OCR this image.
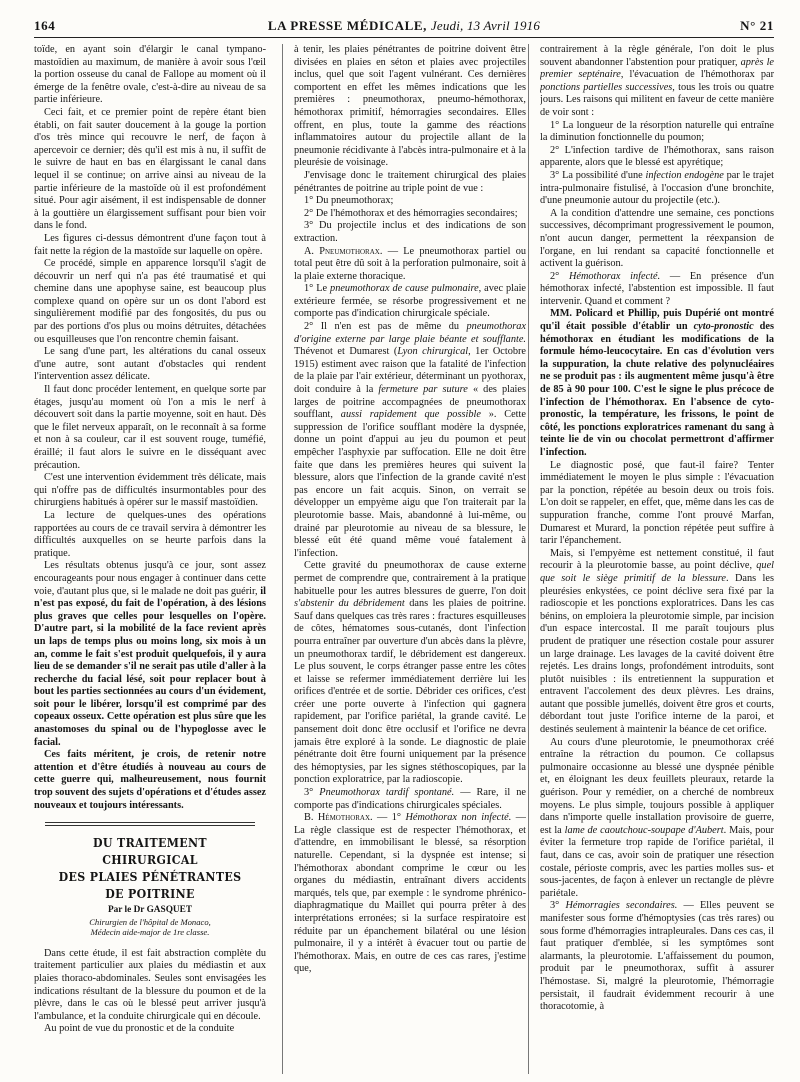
164	LA PRESSE MÉDICALE, Jeudi, 13 Avril 1916	N° 21

toïde, en ayant soin d'élargir le canal tympano-mastoïdien au maximum, de manière à avoir sous l'œil la portion osseuse du canal de Fallope au moment où il émerge de la fenêtre ovale, c'est-à-dire au niveau de sa partie inférieure.

Ceci fait, et ce premier point de repère étant bien établi, on fait sauter doucement à la gouge la portion d'os très mince qui recouvre le nerf, de façon à apercevoir ce dernier; dès qu'il est mis à nu, il suffit de le suivre de haut en bas en élargissant le canal dans lequel il se continue; on arrive ainsi au niveau de la partie inférieure de la mastoïde où il est profondément situé. Pour agir aisément, il est indispensable de donner à la gouttière un élargissement suffisant pour bien voir dans le fond.

Les figures ci-dessus démontrent d'une façon tout à fait nette la région de la mastoïde sur laquelle on opère.

Ce procédé, simple en apparence lorsqu'il s'agit de découvrir un nerf qui n'a pas été traumatisé et qui chemine dans une apophyse saine, est beaucoup plus complexe quand on opère sur un os dont l'abord est singulièrement modifié par des fongosités, du pus ou par des portions d'os plus ou moins détruites, détachées ou esquilleuses que l'on rencontre chemin faisant.

Le sang d'une part, les altérations du canal osseux d'une autre, sont autant d'obstacles qui rendent l'intervention assez délicate.

Il faut donc procéder lentement, en quelque sorte par étages, jusqu'au moment où l'on a mis le nerf à découvert soit dans la partie moyenne, soit en haut. Dès que le filet nerveux apparaît, on le reconnaît à sa forme et non à sa couleur, car il est souvent rouge, tuméfié, éraillé; il faut alors le suivre en le disséquant avec précaution.

C'est une intervention évidemment très délicate, mais qui n'offre pas de difficultés insurmontables pour des chirurgiens habitués à opérer sur le massif mastoïdien.

La lecture de quelques-unes des opérations rapportées au cours de ce travail servira à démontrer les difficultés auxquelles on se heurte parfois dans la pratique.

Les résultats obtenus jusqu'à ce jour, sont assez encourageants pour nous engager à continuer dans cette voie, d'autant plus que, si le malade ne doit pas guérir, il n'est pas exposé, du fait de l'opération, à des lésions plus graves que celles pour lesquelles on l'opère. D'autre part, si la mobilité de la face revient après un laps de temps plus ou moins long, six mois à un an, comme le fait s'est produit quelquefois, il y aura lieu de se demander s'il ne serait pas utile d'aller à la recherche du facial lésé, soit pour replacer bout à bout les parties sectionnées au cours d'un évidement, soit pour le libérer, lorsqu'il est comprimé par des copeaux osseux. Cette opération est plus sûre que les anastomoses du spinal ou de l'hypoglosse avec le facial.

Ces faits méritent, je crois, de retenir notre attention et d'être étudiés à nouveau au cours de cette guerre qui, malheureusement, nous fournit trop souvent des sujets d'opérations et d'études assez nouveaux et toujours intéressants.

DU TRAITEMENT CHIRURGICAL

DES PLAIES PÉNÉTRANTES DE POITRINE

Par le Dr GASQUET

Chirurgien de l'hôpital de Monaco,

Médecin aide-major de 1re classe.

Dans cette étude, il est fait abstraction complète du traitement particulier aux plaies du médiastin et aux plaies thoraco-abdominales. Seules sont envisagées les indications résultant de la blessure du poumon et de la plèvre, dans le cas où le blessé peut arriver jusqu'à l'ambulance, et la conduite chirurgicale qui en découle.

Au point de vue du pronostic et de la conduite

à tenir, les plaies pénétrantes de poitrine doivent être divisées en plaies en séton et plaies avec projectiles inclus, quel que soit l'agent vulnérant. Ces dernières comportent en effet les mêmes indications que les premières : pneumothorax, pneumo-hémothorax, hémothorax primitif, hémorragies secondaires. Elles offrent, en plus, toute la gamme des réactions inflammatoires autour du projectile allant de la pneumonie récidivante à l'abcès intra-pulmonaire et à la pleurésie de voisinage.

J'envisage donc le traitement chirurgical des plaies pénétrantes de poitrine au triple point de vue :

1° Du pneumothorax;

2° De l'hémothorax et des hémorragies secondaires;

3° Du projectile inclus et des indications de son extraction.

A. Pneumothorax. — Le pneumothorax partiel ou total peut être dû soit à la perforation pulmonaire, soit à la plaie externe thoracique.

1° Le pneumothorax de cause pulmonaire, avec plaie extérieure fermée, se résorbe progressivement et ne comporte pas d'indication chirurgicale spéciale.

2° Il n'en est pas de même du pneumothorax d'origine externe par large plaie béante et soufflante. Thévenot et Dumarest (Lyon chirurgical, 1er Octobre 1915) estiment avec raison que la fatalité de l'infection de la plaie par l'air extérieur, déterminant un pyothorax, doit conduire à la fermeture par suture « des plaies larges de poitrine accompagnées de pneumothorax soufflant, aussi rapidement que possible ». Cette suppression de l'orifice soufflant modère la dyspnée, donne un point d'appui au jeu du poumon et peut empêcher l'asphyxie par suffocation. Elle ne doit être faite que dans les premières heures qui suivent la blessure, alors que l'infection de la grande cavité n'est pas encore un fait acquis. Sinon, on verrait se développer un empyème aigu que l'on traiterait par la pleurotomie basse. Mais, abandonné à lui-même, ou drainé par pleurotomie au niveau de sa blessure, le blessé eût été quand même voué fatalement à l'infection.

Cette gravité du pneumothorax de cause externe permet de comprendre que, contrairement à la pratique habituelle pour les autres blessures de guerre, l'on doit s'abstenir du débridement dans les plaies de poitrine. Sauf dans quelques cas très rares : fractures esquilleuses de côtes, hématomes sous-cutanés, dont l'infection pourra entraîner par ouverture d'un abcès dans la plèvre, un pneumothorax tardif, le débridement est dangereux. Le plus souvent, le corps étranger passe entre les côtes et laisse se refermer immédiatement derrière lui les orifices d'entrée et de sortie. Débrider ces orifices, c'est créer une porte ouverte à l'infection qui gagnera rapidement, par l'orifice pariétal, la grande cavité. Le pansement doit donc être occlusif et l'orifice ne devra jamais être exploré à la sonde. Le diagnostic de plaie pénétrante doit être fourni uniquement par la présence des hémoptysies, par les signes stéthoscopiques, par la ponction exploratrice, par la radioscopie.

3° Pneumothorax tardif spontané. — Rare, il ne comporte pas d'indications chirurgicales spéciales.

B. Hémothorax. — 1° Hémothorax non infecté. — La règle classique est de respecter l'hémothorax, et d'attendre, en immobilisant le blessé, sa résorption naturelle. Cependant, si la dyspnée est intense; si l'hémothorax abondant comprime le cœur ou les organes du médiastin, entraînant divers accidents marqués, tels que, par exemple : le syndrome phrénico-diaphragmatique du Maillet qui pourra prêter à des interprétations erronées; si la surface respiratoire est réduite par un épanchement bilatéral ou une lésion pulmonaire, il y a intérêt à évacuer tout ou partie de l'hémothorax. Mais, en outre de ces cas rares, j'estime que,

contrairement à la règle générale, l'on doit le plus souvent abandonner l'abstention pour pratiquer, après le premier septénaire, l'évacuation de l'hémothorax par ponctions partielles successives, tous les trois ou quatre jours. Les raisons qui militent en faveur de cette manière de voir sont :

1° La longueur de la résorption naturelle qui entraîne la diminution fonctionnelle du poumon;

2° L'infection tardive de l'hémothorax, sans raison apparente, alors que le blessé est apyrétique;

3° La possibilité d'une infection endogène par le trajet intra-pulmonaire fistulisé, à l'occasion d'une bronchite, d'une pneumonie autour du projectile (etc.).

A la condition d'attendre une semaine, ces ponctions successives, décomprimant progressivement le poumon, n'ont aucun danger, permettent la réexpansion de l'organe, en lui rendant sa capacité fonctionnelle et activent la guérison.

2° Hémothorax infecté. — En présence d'un hémothorax infecté, l'abstention est impossible. Il faut intervenir. Quand et comment ?

MM. Policard et Phillip, puis Dupérié ont montré qu'il était possible d'établir un cyto-pronostic des hémothorax en étudiant les modifications de la formule hémo-leucocytaire. En cas d'évolution vers la suppuration, la chute relative des polynucléaires ne se produit pas : ils augmentent même jusqu'à être de 85 à 90 pour 100. C'est le signe le plus précoce de l'infection de l'hémothorax. En l'absence de cyto-pronostic, la température, les frissons, le point de côté, les ponctions exploratrices ramenant du sang à teinte lie de vin ou chocolat permettront d'affirmer l'infection.

Le diagnostic posé, que faut-il faire? Tenter immédiatement le moyen le plus simple : l'évacuation par la ponction, répétée au besoin deux ou trois fois. L'on doit se rappeler, en effet, que, même dans les cas de suppuration franche, comme l'ont prouvé Marfan, Dumarest et Murard, la ponction répétée peut suffire à tarir l'épanchement.

Mais, si l'empyème est nettement constitué, il faut recourir à la pleurotomie basse, au point déclive, quel que soit le siège primitif de la blessure. Dans les pleurésies enkystées, ce point déclive sera fixé par la radioscopie et les ponctions exploratrices. Dans les cas bénins, on emploiera la pleurotomie simple, par incision d'un espace intercostal. Il me paraît toujours plus prudent de pratiquer une résection costale pour assurer un large drainage. Les lavages de la cavité doivent être rejetés. Les drains longs, profondément introduits, sont plutôt nuisibles : ils entretiennent la suppuration et entravent l'accolement des deux plèvres. Les drains, autant que possible jumellés, doivent être gros et courts, débordant tout juste l'orifice interne de la paroi, et destinés seulement à maintenir la béance de cet orifice.

Au cours d'une pleurotomie, le pneumothorax créé entraîne la rétraction du poumon. Ce collapsus pulmonaire occasionne au blessé une dyspnée pénible et, en éloignant les deux feuillets pleuraux, retarde la guérison. Pour y remédier, on a cherché de nombreux moyens. Le plus simple, toujours possible à appliquer dans n'importe quelle installation provisoire de guerre, est la lame de caoutchouc-soupape d'Aubert. Mais, pour éviter la fermeture trop rapide de l'orifice pariétal, il faut, dans ce cas, avoir soin de pratiquer une résection costale, périoste compris, avec les parties molles sus- et sous-jacentes, de façon à enlever un rectangle de plèvre pariétale.

3° Hémorragies secondaires. — Elles peuvent se manifester sous forme d'hémoptysies (cas très rares) ou sous forme d'hémorragies intrapleurales. Dans ces cas, il faut pratiquer d'emblée, si les symptômes sont alarmants, la pleurotomie. L'affaissement du poumon, produit par le pneumothorax, suffit à assurer l'hémostase. Si, malgré la pleurotomie, l'hémorragie persistait, il faudrait évidemment recourir à une thoracotomie, à
